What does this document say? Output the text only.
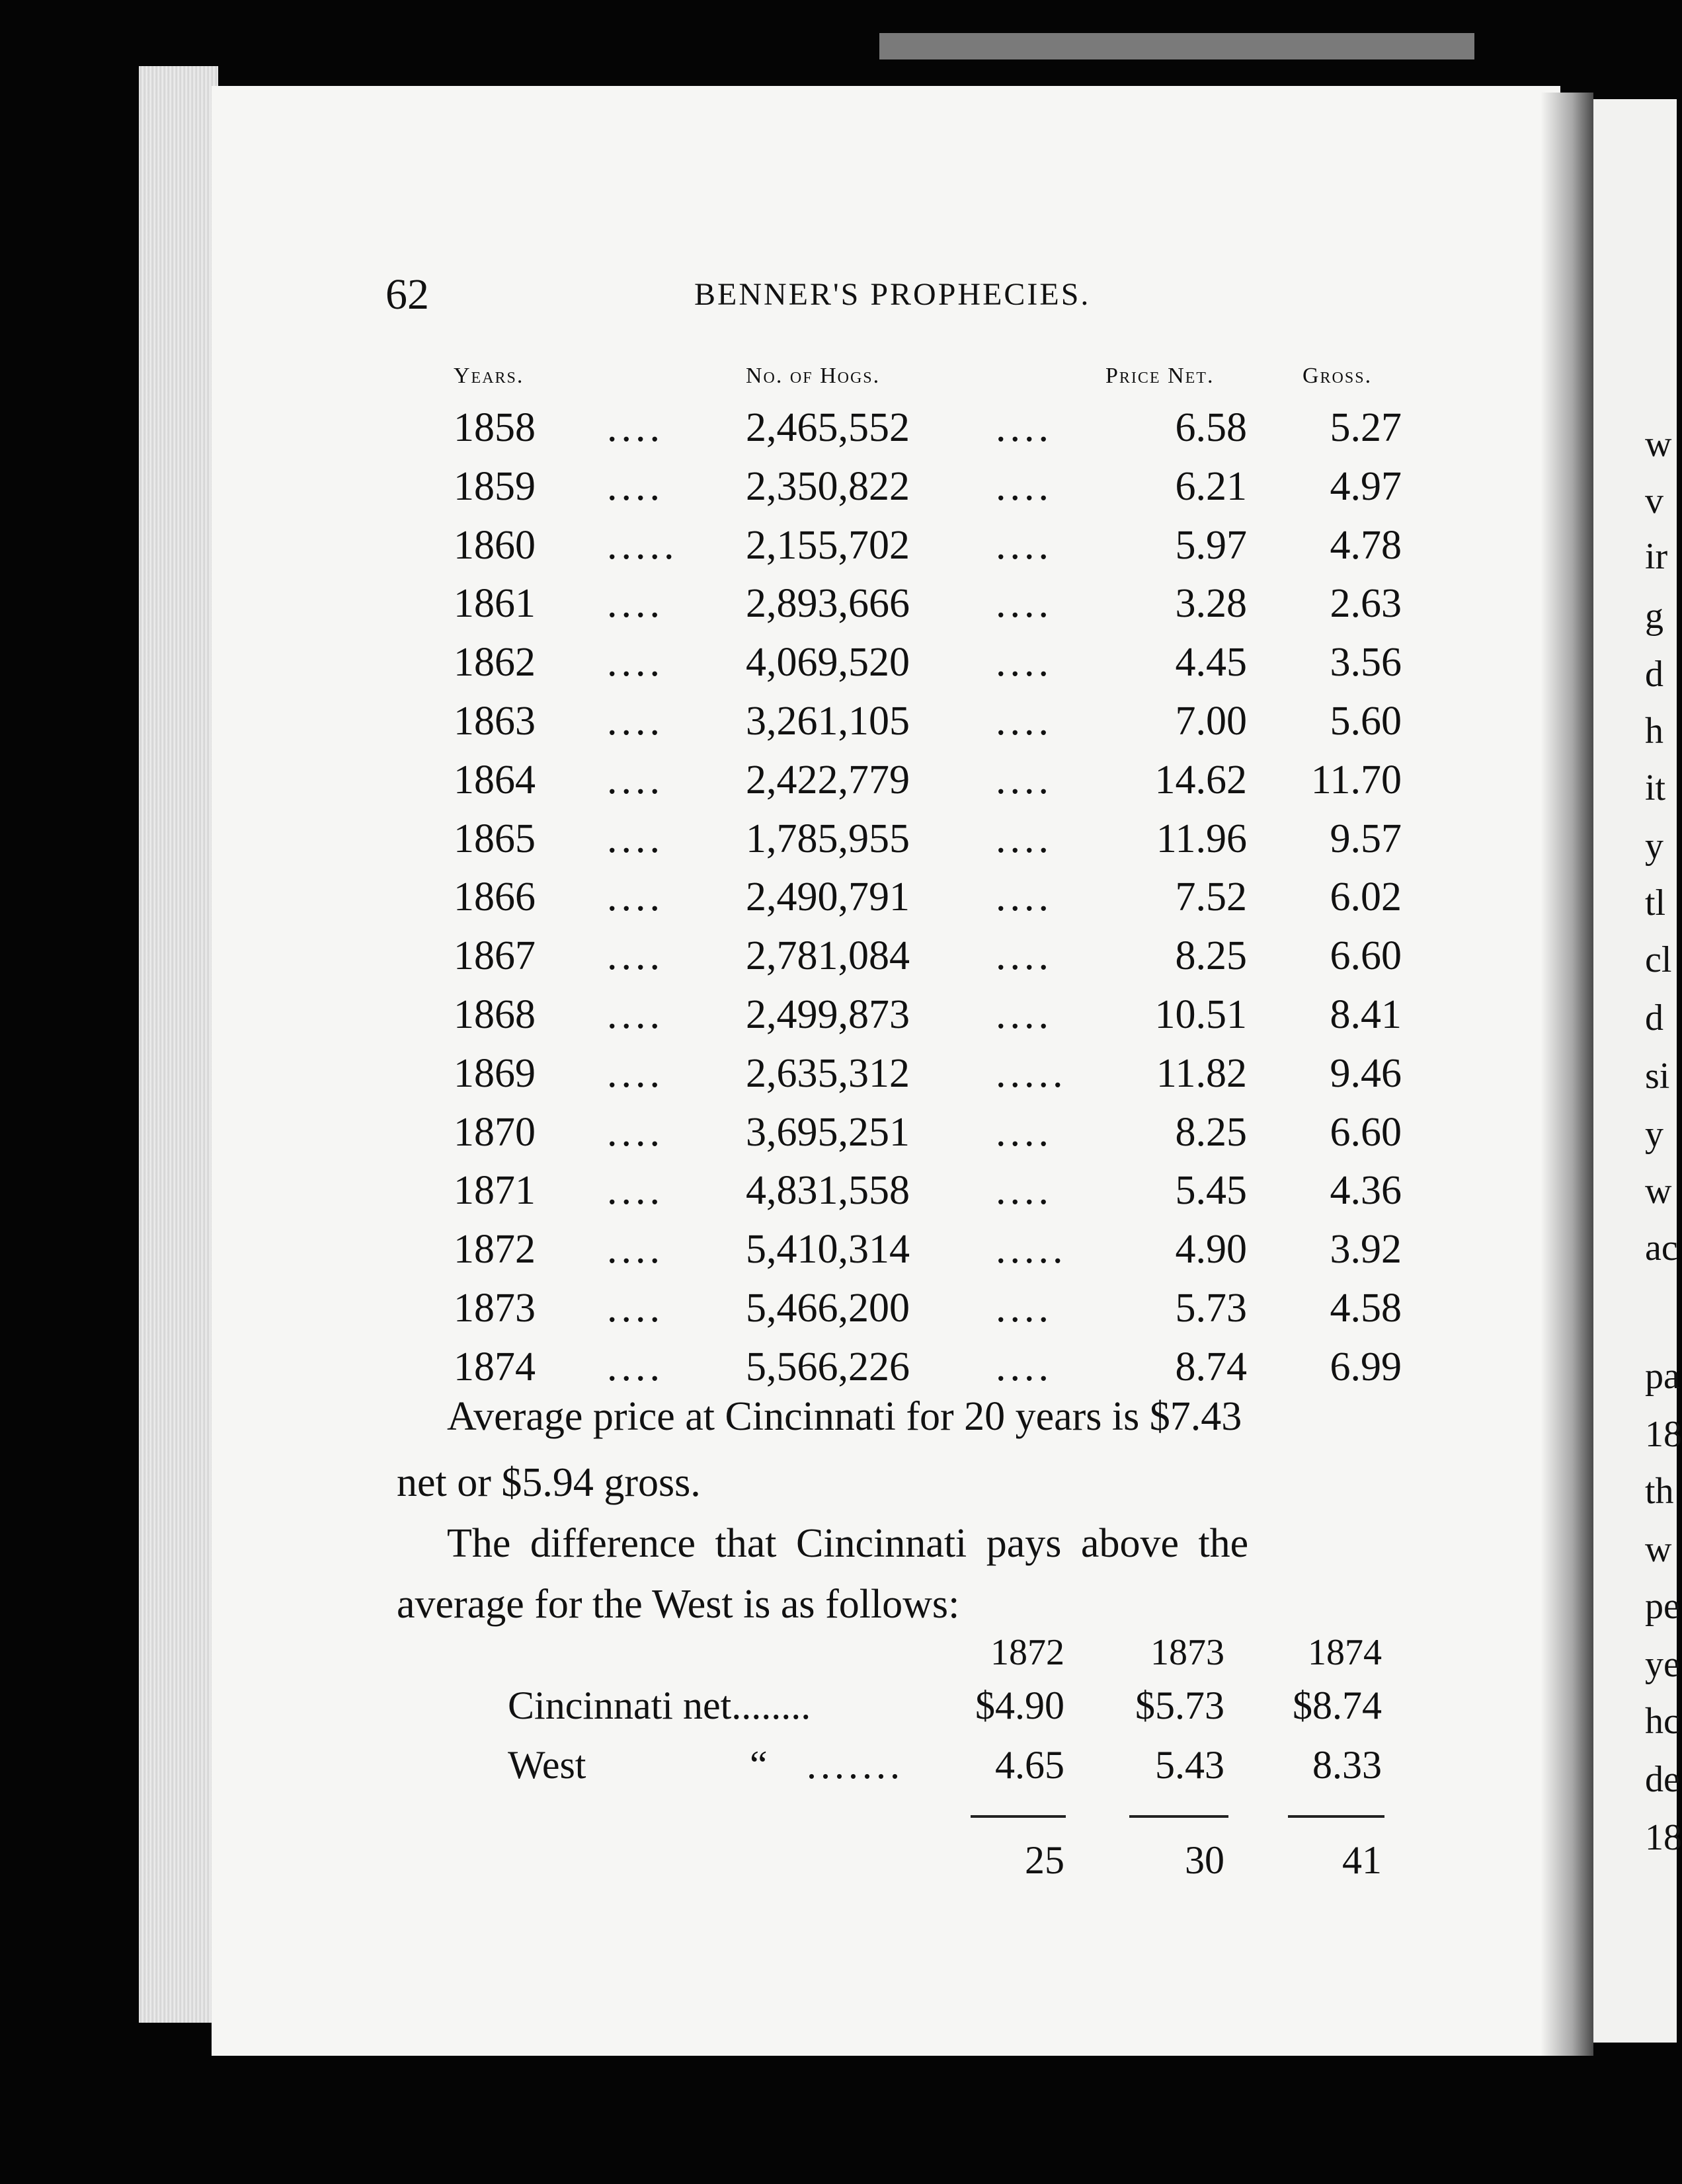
62	BENNER'S PROPHECIES.
Years.	No. of Hogs.	Price Net.	Gross.
1858 .... 2,465,552 ....	6.58	5.27
1859 .... 2,350,822 ....	6.21	4.97
1860 ..... 2,155,702 ....	5.97	4.78
1861 .... 2,893,666 ....	3.28	2.63
1862 .... 4,069,520 ....	4.45	3.56
1863 .... 3,261,105 ....	7.00	5.60
1864 .... 2,422,779 ....	14.62	11.70
1865 .... 1,785,955 ....	11.96	9.57
1866 .... 2,490,791 ....	7.52	6.02
1867 .... 2,781,084 ....	8.25	6.60
1868 .... 2,499,873 ....	10.51	8.41
1869 .... 2,635,312 .....	11.82	9.46
1870 .... 3,695,251 ....	8.25	6.60
1871 .... 4,831,558 ....	5.45	4.36
1872 .... 5,410,314 .....	4.90	3.92
1873 .... 5,466,200 ....	5.73	4.58
1874 .... 5,566,226 ....	8.74	6.99
Average price at Cincinnati for 20 years is $7.43
net or $5.94 gross.
The difference that Cincinnati pays above the
average for the West is as follows:
1872	1873	1874
Cincinnati net........	$4.90	$5.73	$8.74
West	“ .......	4.65	5.43	8.33
25	30	41
w
v
ir
g
d
h
it
y
tl
cl
d
si
y
w
ac
pa
18
th
w
pe
ye
hc
de
18
